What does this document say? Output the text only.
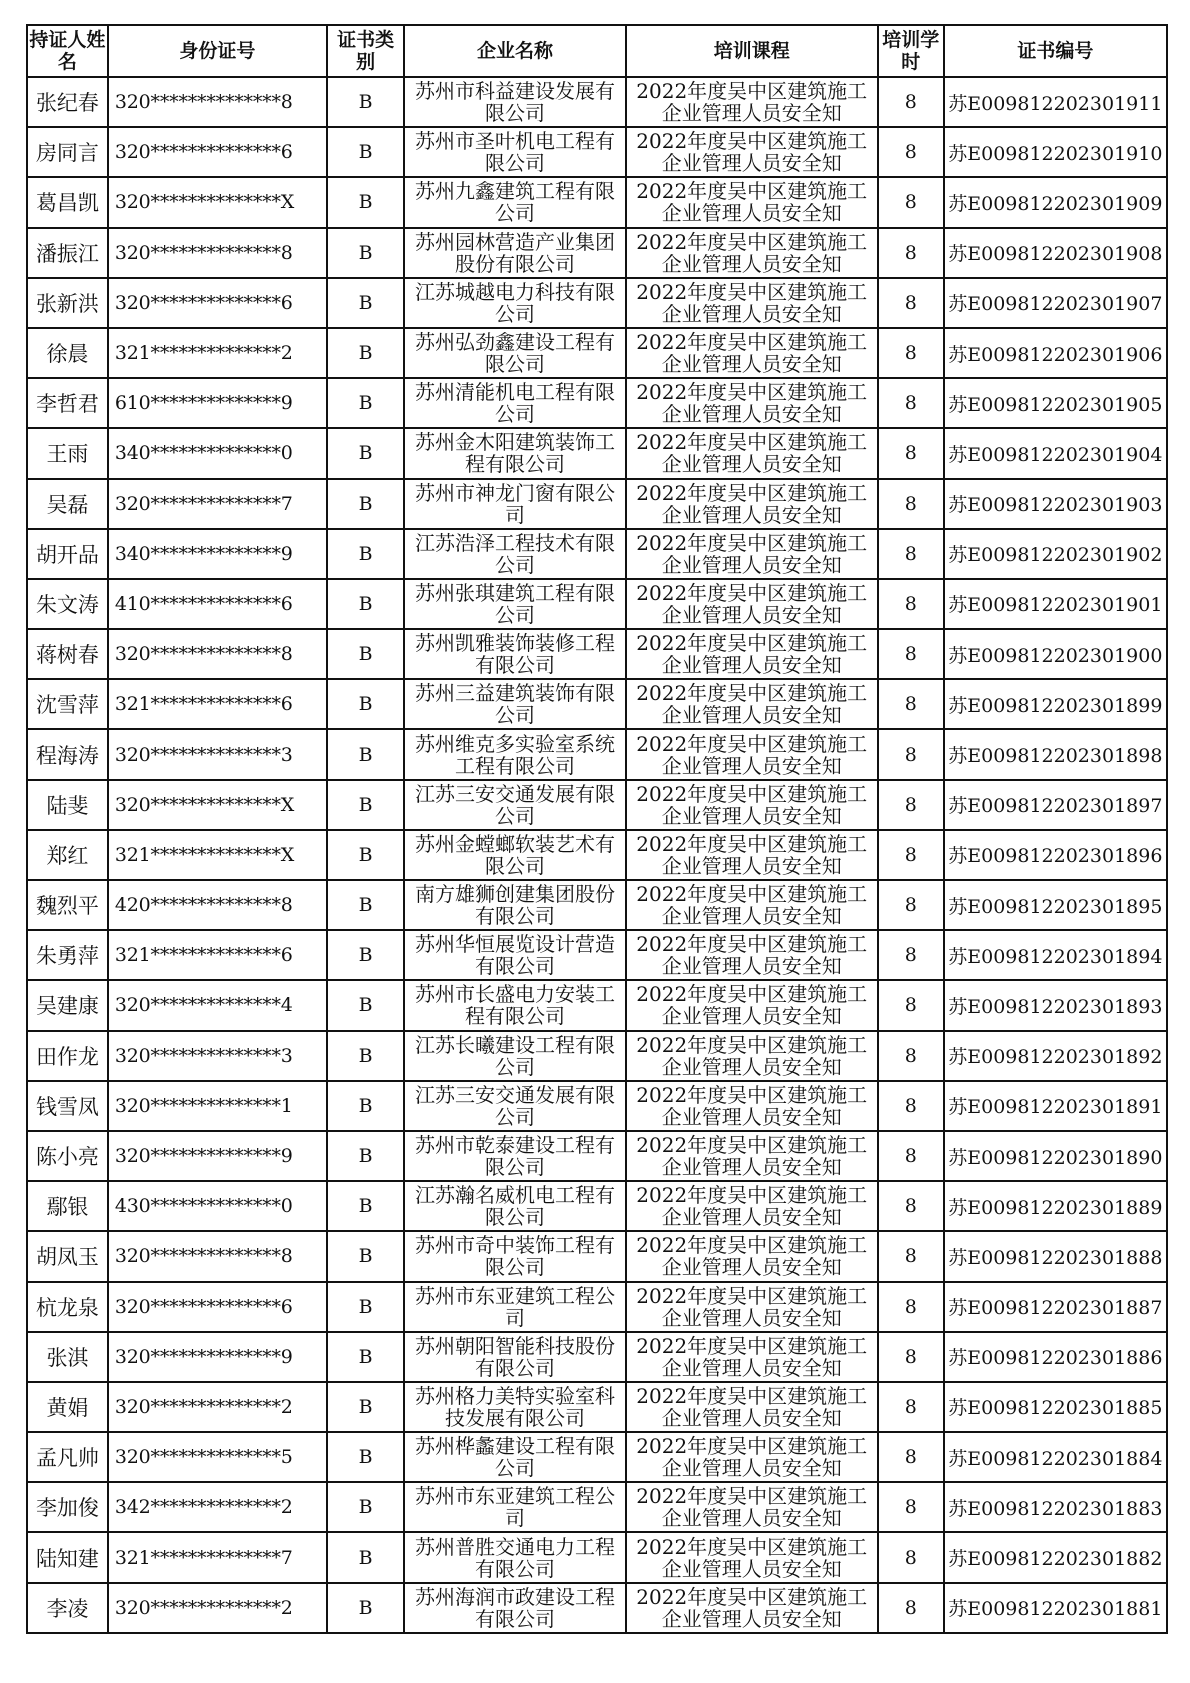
持证人姓名	身份证号	证书类别	企业名称	培训课程	培训学时	证书编号
张纪春	320**************8	B	苏州市科益建设发展有限公司	2022年度吴中区建筑施工企业管理人员安全知	8	苏E009812202301911
房同言	320**************6	B	苏州市圣叶机电工程有限公司	2022年度吴中区建筑施工企业管理人员安全知	8	苏E009812202301910
葛昌凯	320**************X	B	苏州九鑫建筑工程有限公司	2022年度吴中区建筑施工企业管理人员安全知	8	苏E009812202301909
潘振江	320**************8	B	苏州园林营造产业集团股份有限公司	2022年度吴中区建筑施工企业管理人员安全知	8	苏E009812202301908
张新洪	320**************6	B	江苏城越电力科技有限公司	2022年度吴中区建筑施工企业管理人员安全知	8	苏E009812202301907
徐晨	321**************2	B	苏州弘劲鑫建设工程有限公司	2022年度吴中区建筑施工企业管理人员安全知	8	苏E009812202301906
李哲君	610**************9	B	苏州清能机电工程有限公司	2022年度吴中区建筑施工企业管理人员安全知	8	苏E009812202301905
王雨	340**************0	B	苏州金木阳建筑装饰工程有限公司	2022年度吴中区建筑施工企业管理人员安全知	8	苏E009812202301904
吴磊	320**************7	B	苏州市神龙门窗有限公司	2022年度吴中区建筑施工企业管理人员安全知	8	苏E009812202301903
胡开品	340**************9	B	江苏浩泽工程技术有限公司	2022年度吴中区建筑施工企业管理人员安全知	8	苏E009812202301902
朱文涛	410**************6	B	苏州张琪建筑工程有限公司	2022年度吴中区建筑施工企业管理人员安全知	8	苏E009812202301901
蒋树春	320**************8	B	苏州凯雅装饰装修工程有限公司	2022年度吴中区建筑施工企业管理人员安全知	8	苏E009812202301900
沈雪萍	321**************6	B	苏州三益建筑装饰有限公司	2022年度吴中区建筑施工企业管理人员安全知	8	苏E009812202301899
程海涛	320**************3	B	苏州维克多实验室系统工程有限公司	2022年度吴中区建筑施工企业管理人员安全知	8	苏E009812202301898
陆斐	320**************X	B	江苏三安交通发展有限公司	2022年度吴中区建筑施工企业管理人员安全知	8	苏E009812202301897
郑红	321**************X	B	苏州金螳螂软装艺术有限公司	2022年度吴中区建筑施工企业管理人员安全知	8	苏E009812202301896
魏烈平	420**************8	B	南方雄狮创建集团股份有限公司	2022年度吴中区建筑施工企业管理人员安全知	8	苏E009812202301895
朱勇萍	321**************6	B	苏州华恒展览设计营造有限公司	2022年度吴中区建筑施工企业管理人员安全知	8	苏E009812202301894
吴建康	320**************4	B	苏州市长盛电力安装工程有限公司	2022年度吴中区建筑施工企业管理人员安全知	8	苏E009812202301893
田作龙	320**************3	B	江苏长曦建设工程有限公司	2022年度吴中区建筑施工企业管理人员安全知	8	苏E009812202301892
钱雪凤	320**************1	B	江苏三安交通发展有限公司	2022年度吴中区建筑施工企业管理人员安全知	8	苏E009812202301891
陈小亮	320**************9	B	苏州市乾泰建设工程有限公司	2022年度吴中区建筑施工企业管理人员安全知	8	苏E009812202301890
鄢银	430**************0	B	江苏瀚名威机电工程有限公司	2022年度吴中区建筑施工企业管理人员安全知	8	苏E009812202301889
胡凤玉	320**************8	B	苏州市奇中装饰工程有限公司	2022年度吴中区建筑施工企业管理人员安全知	8	苏E009812202301888
杭龙泉	320**************6	B	苏州市东亚建筑工程公司	2022年度吴中区建筑施工企业管理人员安全知	8	苏E009812202301887
张淇	320**************9	B	苏州朝阳智能科技股份有限公司	2022年度吴中区建筑施工企业管理人员安全知	8	苏E009812202301886
黄娟	320**************2	B	苏州格力美特实验室科技发展有限公司	2022年度吴中区建筑施工企业管理人员安全知	8	苏E009812202301885
孟凡帅	320**************5	B	苏州桦蠡建设工程有限公司	2022年度吴中区建筑施工企业管理人员安全知	8	苏E009812202301884
李加俊	342**************2	B	苏州市东亚建筑工程公司	2022年度吴中区建筑施工企业管理人员安全知	8	苏E009812202301883
陆知建	321**************7	B	苏州普胜交通电力工程有限公司	2022年度吴中区建筑施工企业管理人员安全知	8	苏E009812202301882
李凌	320**************2	B	苏州海润市政建设工程有限公司	2022年度吴中区建筑施工企业管理人员安全知	8	苏E009812202301881
